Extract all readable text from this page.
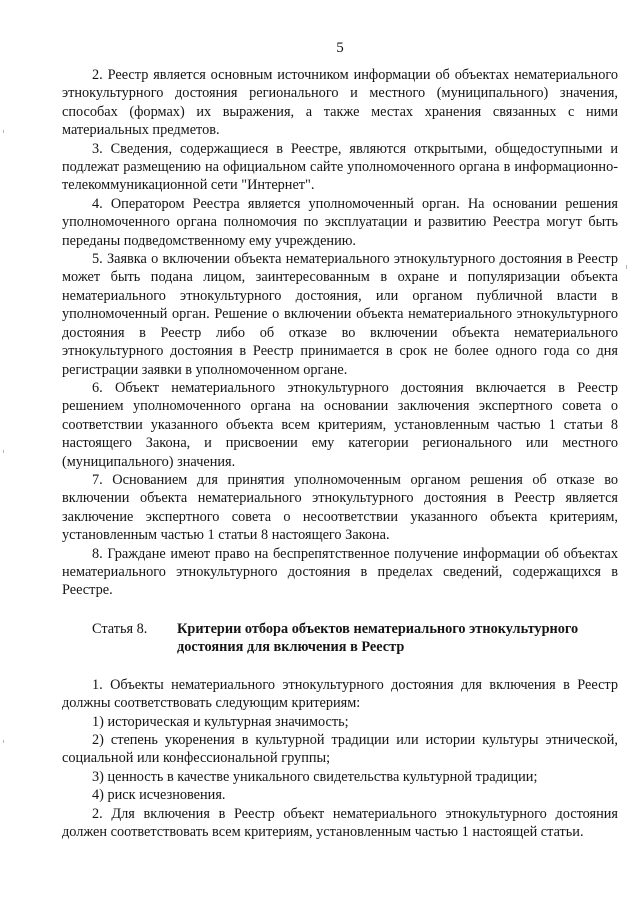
5

2. Реестр является основным источником информации об объектах нематериального этнокультурного достояния регионального и местного (муниципального) значения, способах (формах) их выражения, а также местах хранения связанных с ними материальных предметов.

3. Сведения, содержащиеся в Реестре, являются открытыми, общедоступными и подлежат размещению на официальном сайте уполномоченного органа в информационно-телекоммуникационной сети "Интернет".

4. Оператором Реестра является уполномоченный орган. На основании решения уполномоченного органа полномочия по эксплуатации и развитию Реестра могут быть переданы подведомственному ему учреждению.

5. Заявка о включении объекта нематериального этнокультурного достояния в Реестр может быть подана лицом, заинтересованным в охране и популяризации объекта нематериального этнокультурного достояния, или органом публичной власти в уполномоченный орган. Решение о включении объекта нематериального этнокультурного достояния в Реестр либо об отказе во включении объекта нематериального этнокультурного достояния в Реестр принимается в срок не более одного года со дня регистрации заявки в уполномоченном органе.

6. Объект нематериального этнокультурного достояния включается в Реестр решением уполномоченного органа на основании заключения экспертного совета о соответствии указанного объекта всем критериям, установленным частью 1 статьи 8 настоящего Закона, и присвоении ему категории регионального или местного (муниципального) значения.

7. Основанием для принятия уполномоченным органом решения об отказе во включении объекта нематериального этнокультурного достояния в Реестр является заключение экспертного совета о несоответствии указанного объекта критериям, установленным частью 1 статьи 8 настоящего Закона.

8. Граждане имеют право на беспрепятственное получение информации об объектах нематериального этнокультурного достояния в пределах сведений, содержащихся в Реестре.

Статья 8. Критерии отбора объектов нематериального этнокультурного
достояния для включения в Реестр

1. Объекты нематериального этнокультурного достояния для включения в Реестр должны соответствовать следующим критериям:

1) историческая и культурная значимость;

2) степень укоренения в культурной традиции или истории культуры этнической, социальной или конфессиональной группы;

3) ценность в качестве уникального свидетельства культурной традиции;

4) риск исчезновения.

2. Для включения в Реестр объект нематериального этнокультурного достояния должен соответствовать всем критериям, установленным частью 1 настоящей статьи.
